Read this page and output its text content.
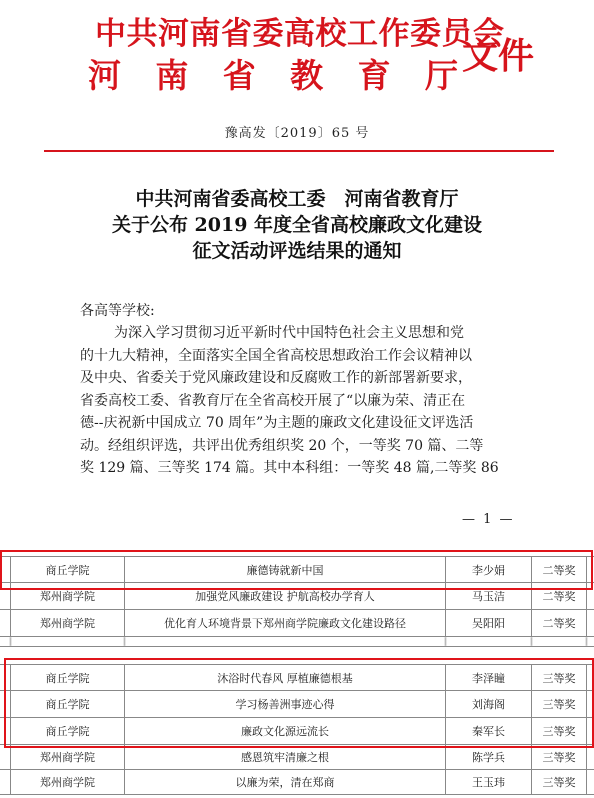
中共河南省委高校工作委员会
河 南 省 教 育 厅 文件
豫高发〔2019〕65 号
中共河南省委高校工委　河南省教育厅
关于公布 2019 年度全省高校廉政文化建设
征文活动评选结果的通知
各高等学校:
为深入学习贯彻习近平新时代中国特色社会主义思想和党
的十九大精神，全面落实全国全省高校思想政治工作会议精神以
及中央、省委关于党风廉政建设和反腐败工作的新部署新要求，
省委高校工委、省教育厅在全省高校开展了“以廉为荣、清正在
德--庆祝新中国成立 70 周年”为主题的廉政文化建设征文评选活
动。经组织评选，共评出优秀组织奖 20 个，一等奖 70 篇、二等
奖 129 篇、三等奖 174 篇。其中本科组：一等奖 48 篇,二等奖 86
— 1 —
商丘学院	廉德铸就新中国	李少娟	二等奖
郑州商学院	加强党风廉政建设 护航高校办学育人	马玉洁	二等奖
郑州商学院	优化育人环境背景下郑州商学院廉政文化建设路径	吴阳阳	二等奖
商丘学院	沐浴时代春风 厚植廉德根基	李泽瞳	三等奖
商丘学院	学习杨善洲事迹心得	刘海阁	三等奖
商丘学院	廉政文化源远流长	秦军长	三等奖
郑州商学院	感恩筑牢清廉之根	陈学兵	三等奖
郑州商学院	以廉为荣，清在郑商	王玉玮	三等奖
